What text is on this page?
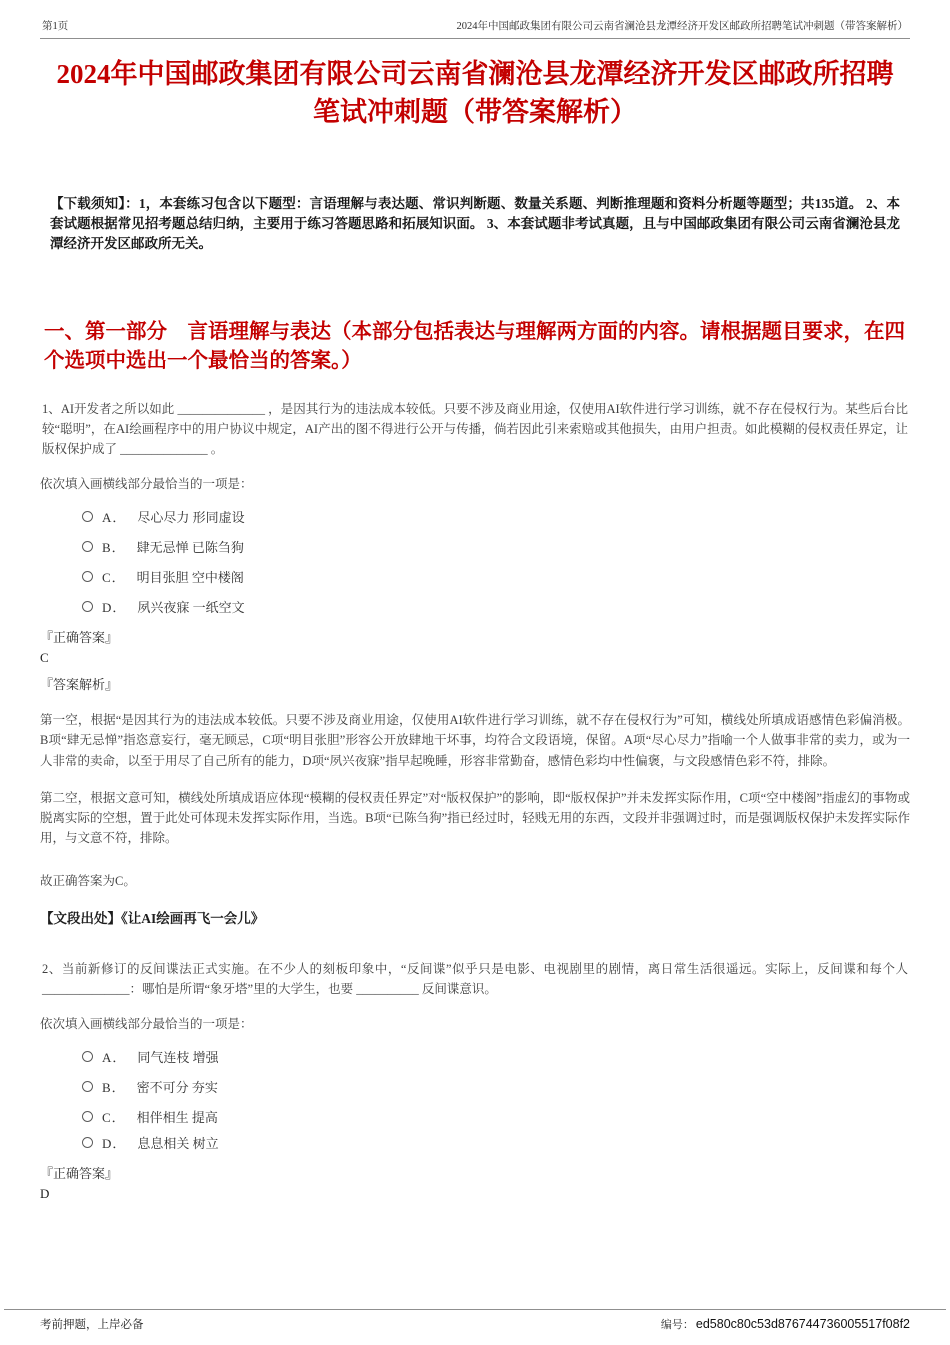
第1页	2024年中国邮政集团有限公司云南省澜沧县龙潭经济开发区邮政所招聘笔试冲刺题（带答案解析）
2024年中国邮政集团有限公司云南省澜沧县龙潭经济开发区邮政所招聘笔试冲刺题（带答案解析）

【下载须知】：1，本套练习包含以下题型：言语理解与表达题、常识判断题、数量关系题、判断推理题和资料分析题等题型；共135道。 2、本套试题根据常见招考题总结归纳，主要用于练习答题思路和拓展知识面。 3、本套试题非考试真题，且与中国邮政集团有限公司云南省澜沧县龙潭经济开发区邮政所无关。

一、第一部分　言语理解与表达（本部分包括表达与理解两方面的内容。请根据题目要求，在四个选项中选出一个最恰当的答案。）

1、AI开发者之所以如此 ______________ ，是因其行为的违法成本较低。只要不涉及商业用途，仅使用AI软件进行学习训练，就不存在侵权行为。某些后台比较“聪明”，在AI绘画程序中的用户协议中规定，AI产出的图不得进行公开与传播，倘若因此引来索赔或其他损失，由用户担责。如此模糊的侵权责任界定，让版权保护成了 ______________ 。

依次填入画横线部分最恰当的一项是：

A． 尽心尽力 形同虚设
B． 肆无忌惮 已陈刍狗
C． 明目张胆 空中楼阁
D． 夙兴夜寐 一纸空文

『正确答案』

C

『答案解析』

第一空，根据“是因其行为的违法成本较低。只要不涉及商业用途，仅使用AI软件进行学习训练，就不存在侵权行为”可知，横线处所填成语感情色彩偏消极。B项“肆无忌惮”指恣意妄行，毫无顾忌，C项“明目张胆”形容公开放肆地干坏事，均符合文段语境，保留。A项“尽心尽力”指喻一个人做事非常的卖力，或为一人非常的卖命，以至于用尽了自己所有的能力，D项“夙兴夜寐”指早起晚睡，形容非常勤奋，感情色彩均中性偏褒，与文段感情色彩不符，排除。

第二空，根据文意可知，横线处所填成语应体现“模糊的侵权责任界定”对“版权保护”的影响，即“版权保护”并未发挥实际作用，C项“空中楼阁”指虚幻的事物或脱离实际的空想，置于此处可体现未发挥实际作用，当选。B项“已陈刍狗”指已经过时，轻贱无用的东西，文段并非强调过时，而是强调版权保护未发挥实际作用，与文意不符，排除。

故正确答案为C。

【文段出处】《让AI绘画再飞一会儿》

2、当前新修订的反间谍法正式实施。在不少人的刻板印象中，“反间谍”似乎只是电影、电视剧里的剧情，离日常生活很遥远。实际上，反间谍和每个人 ______________：哪怕是所谓“象牙塔”里的大学生，也要 __________ 反间谍意识。

依次填入画横线部分最恰当的一项是：

A． 同气连枝 增强
B． 密不可分 夯实
C． 相伴相生 提高
D． 息息相关 树立

『正确答案』

D

考前押题，上岸必备	编号： ed580c80c53d876744736005517f08f2
